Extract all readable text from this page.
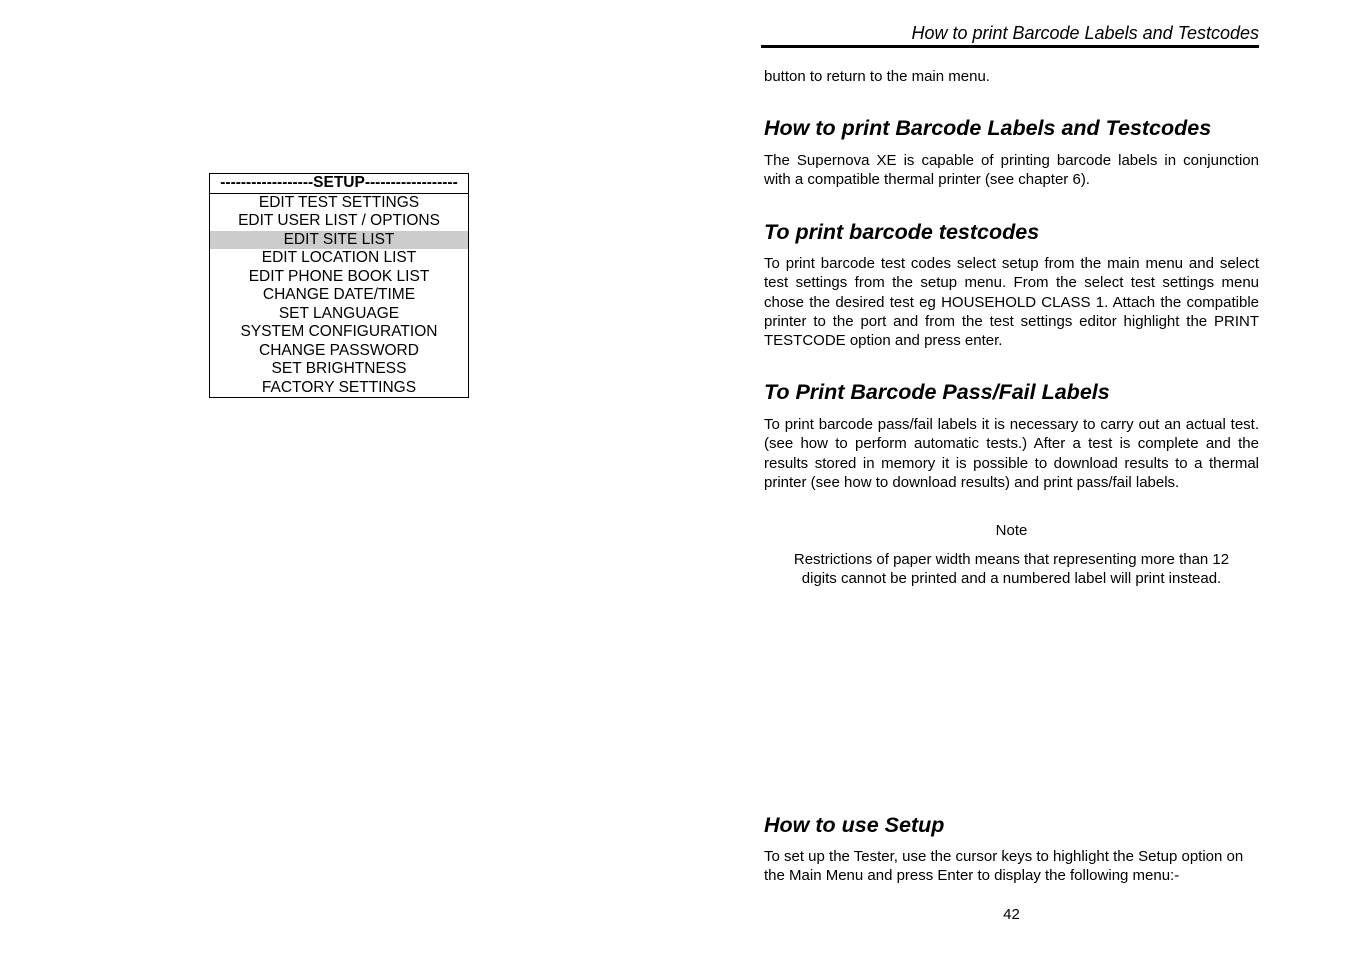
------------------SETUP------------------
EDIT TEST SETTINGS
EDIT USER LIST / OPTIONS
EDIT SITE LIST
EDIT LOCATION LIST
EDIT PHONE BOOK LIST
CHANGE DATE/TIME
SET LANGUAGE
SYSTEM CONFIGURATION
CHANGE PASSWORD
SET BRIGHTNESS
FACTORY SETTINGS
How to print Barcode Labels and Testcodes

button to return to the main menu.

How to print Barcode Labels and Testcodes

The Supernova XE is capable of printing barcode labels in conjunction with a compatible thermal printer (see chapter 6).

To print barcode testcodes

To print barcode test codes select setup from the main menu and select test settings from the setup menu. From the select test settings menu chose the desired test eg HOUSEHOLD CLASS 1. Attach the compatible printer to the port and from the test settings editor highlight the PRINT TESTCODE option and press enter.

To Print Barcode Pass/Fail Labels

To print barcode pass/fail labels it is necessary to carry out an actual test. (see how to perform automatic tests.) After a test is complete and the results stored in memory it is possible to download results to a thermal printer (see how to download results) and print pass/fail labels.

Note

Restrictions of paper width means that representing more than 12

digits cannot be printed and a numbered label will print instead.

How to use Setup

To set up the Tester, use the cursor keys to highlight the Setup option on the Main Menu and press Enter to display the following menu:-

42
